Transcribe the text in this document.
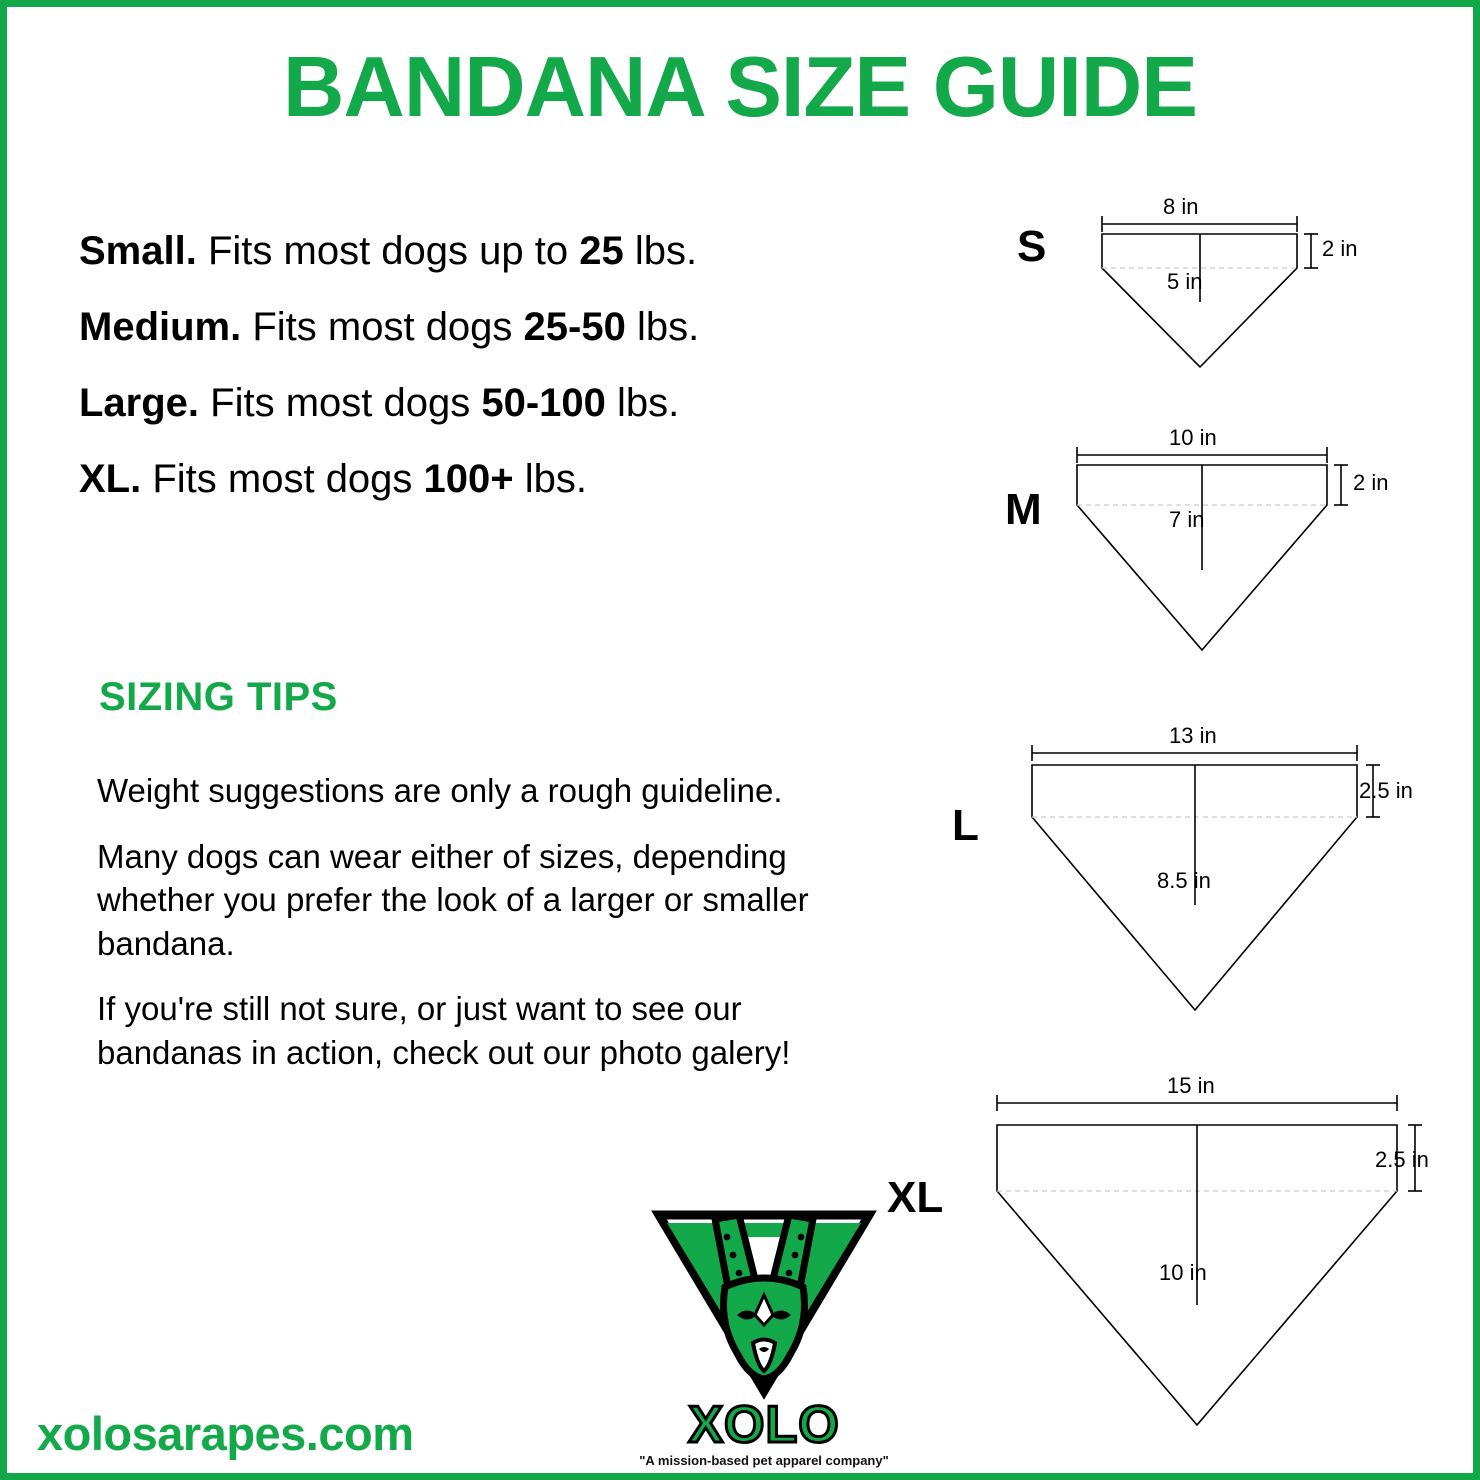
BANDANA SIZE GUIDE
Small. Fits most dogs up to 25 lbs.
Medium. Fits most dogs 25-50 lbs.
Large. Fits most dogs 50-100 lbs.
XL. Fits most dogs 100+ lbs.
SIZING TIPS

Weight suggestions are only a rough guideline.

Many dogs can wear either of sizes, depending whether you prefer the look of a larger or smaller bandana.

If you're still not sure, or just want to see our bandanas in action, check out our photo galery!

xolosarapes.com	XOLO
"A mission-based pet apparel company"
S
8 in
2 in
5 in
M
10 in
2 in
7 in
L
13 in
2.5 in
8.5 in
XL
15 in
2.5 in
10 in
